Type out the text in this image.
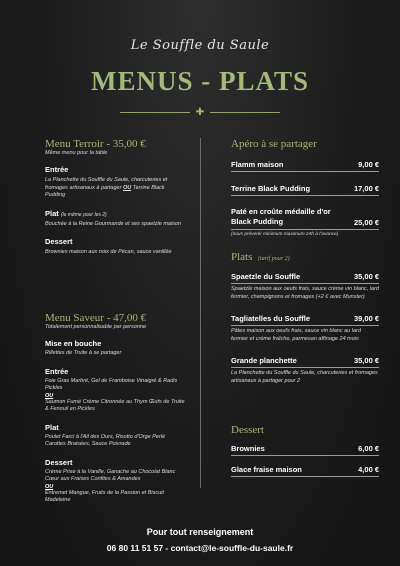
Le Souffle du Saule
MENUS - PLATS
✚
Menu Terroir - 35,00 €
Même menu pour la table
Entrée
La Planchette du Souffle du Saule, charcuteries et fromages artisanaux à partager OU Terrine Black Pudding
Plat (le même pour les 2)
Bouchée à la Reine Gourmande et ses spaetzle maison
Dessert
Brownies maison aux noix de Pécan, sauce vanillée
Menu Saveur - 47,00 €
Totalement personnalisable par personne
Mise en bouche
Rillettes de Truite à se partager
Entrée
Foie Gras Marbré, Gel de Framboise Vinaigré & Radis Pickles
OU
Saumon Fumé Crème Citronnée au Thym Œufs de Truite & Fenouil en Pickles
Plat
Poulet Farci à l'Ail des Ours, Risotto d'Orge Perlé Carottes Braisées, Sauce Poivrade
Dessert
Crème Prise à la Vanille, Ganache au Chocolat Blanc Cœur aux Fraises Confites & Amandes
OU
Entremet Mangue, Fruits de la Passion et Biscuit Madeleine
Apéro à se partager
Flamm maison	9,00 €
Terrine Black Pudding	17,00 €
Paté en croûte médaille d'or Black Pudding	25,00 €
(nous prévenir minimum maximum 24h à l'avance)
Plats (tarif pour 2)
Spaetzle du Souffle	35,00 €
Spaetzle maison aux oeufs frais, sauce crème vin blanc, lard fermier, champignons et fromages (+2 € avec Munster)
Tagliatelles du Souffle	39,00 €
Pâtes maison aux oeufs frais, sauce vin blanc au lard fermier et crème fraîche, parmesan affinage 24 mois
Grande planchette	35,00 €
La Planchette du Souffle du Saule, charcuteries et fromages artisanaux à partager pour 2
Dessert
Brownies	6,00 €
Glace fraise maison	4,00 €
Pour tout renseignement
06 80 11 51 57 - contact@le-souffle-du-saule.fr
